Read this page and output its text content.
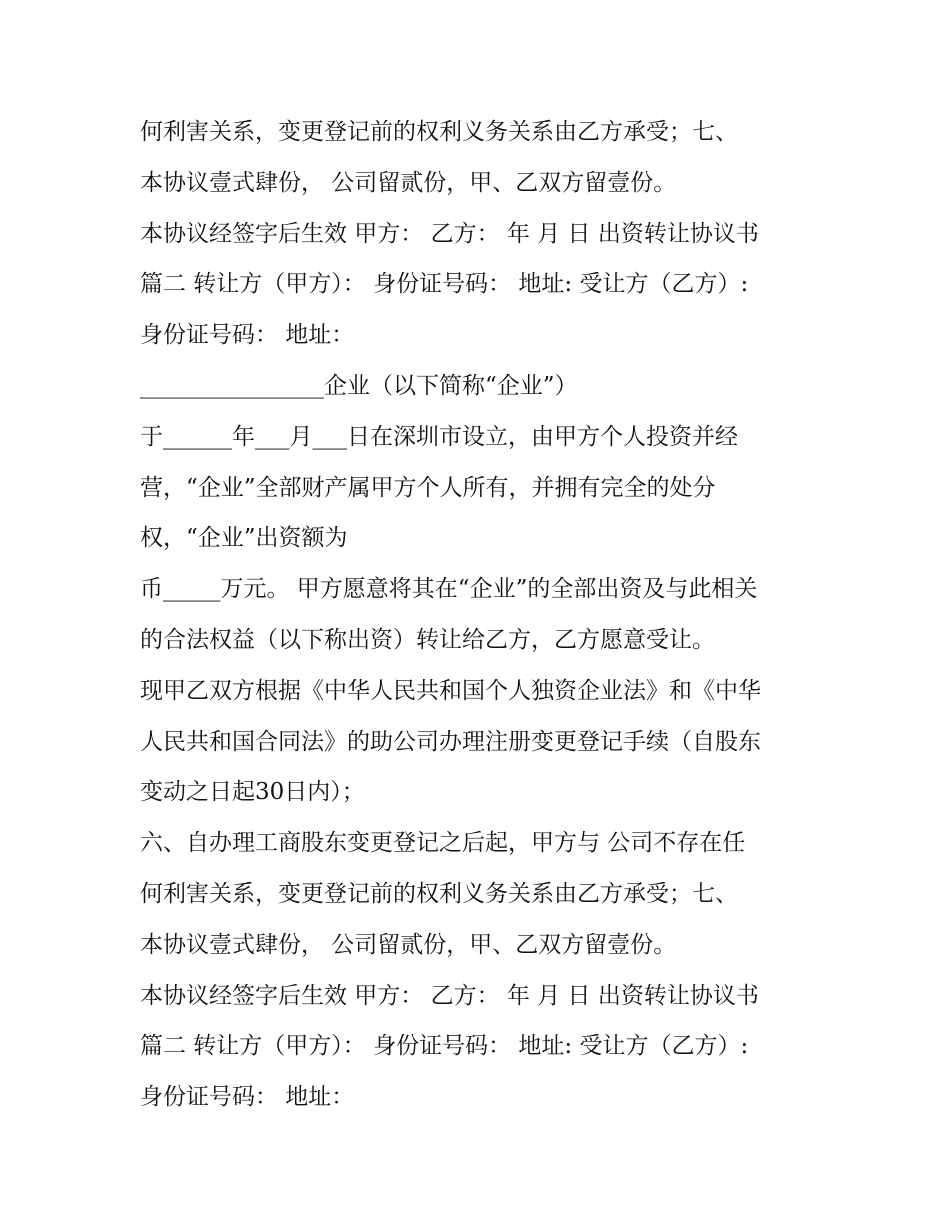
何利害关系，变更登记前的权利义务关系由乙方承受；七、
本协议壹式肆份， 公司留贰份，甲、乙双方留壹份。
本协议经签字后生效 甲方： 乙方： 年 月 日 出资转让协议书
篇二 转让方（甲方）： 身份证号码： 地址: 受让方（乙方）:
身份证号码： 地址：
________________企业（以下简称“企业”）
于______年___月___日在深圳市设立，由甲方个人投资并经
营，“企业”全部财产属甲方个人所有，并拥有完全的处分
权，“企业”出资额为
币_____万元。 甲方愿意将其在“企业”的全部出资及与此相关
的合法权益（以下称出资）转让给乙方，乙方愿意受让。
现甲乙双方根据《中华人民共和国个人独资企业法》和《中华
人民共和国合同法》的助公司办理注册变更登记手续（自股东
变动之日起30日内）；
六、自办理工商股东变更登记之后起，甲方与 公司不存在任
何利害关系，变更登记前的权利义务关系由乙方承受；七、
本协议壹式肆份， 公司留贰份，甲、乙双方留壹份。
本协议经签字后生效 甲方： 乙方： 年 月 日 出资转让协议书
篇二 转让方（甲方）： 身份证号码： 地址: 受让方（乙方）:
身份证号码： 地址：
